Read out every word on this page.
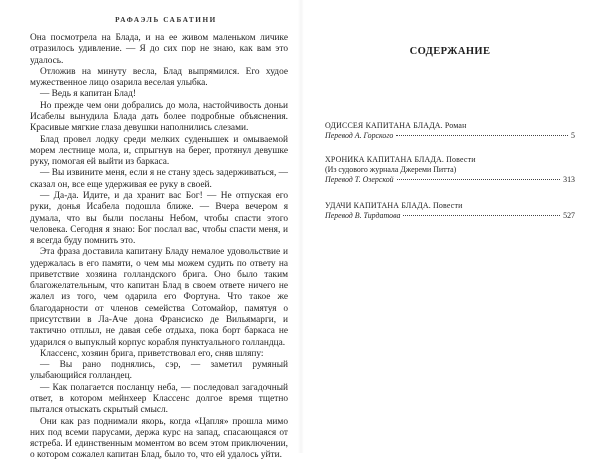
РАФАЭЛЬ САБАТИНИ

Она посмотрела на Блада, и на ее живом маленьком личике отразилось удивление. — Я до сих пор не знаю, как вам это удалось.

Отложив на минуту весла, Блад выпрямился. Его худое мужественное лицо озарила веселая улыбка.

— Ведь я капитан Блад!

Но прежде чем они добрались до мола, настойчивость доньи Исабелы вынудила Блада дать более подробные объяснения. Красивые мягкие глаза девушки наполнились слезами.

Блад провел лодку среди мелких суденышек и омываемой морем лестнице мола, и, спрыгнув на берег, протянул девушке руку, помогая ей выйти из баркаса.

— Вы извините меня, если я не стану здесь задерживаться, — сказал он, все еще удерживая ее руку в своей.

— Да-да. Идите, и да хранит вас Бог! — Не отпуская его руки, донья Исабела подошла ближе. — Вчера вечером я думала, что вы были посланы Небом, чтобы спасти этого человека. Сегодня я знаю: Бог послал вас, чтобы спасти меня, и я всегда буду помнить это.

Эта фраза доставила капитану Бладу немалое удовольствие и удержалась в его памяти, о чем мы можем судить по ответу на приветствие хозяина голландского брига. Оно было таким благожелательным, что капитан Блад в своем ответе ничего не жалел из того, чем одарила его Фортуна. Что такое же благодарности от членов семейства Сотомайор, памятуя о присутствии в Ла-Аче дона Франсиско де Вильямарги, и тактично отплыл, не давая себе отдыха, пока борт баркаса не ударился о выпуклый корпус корабля пунктуального голландца.

Классенс, хозяин брига, приветствовал его, сняв шляпу:

— Вы рано поднялись, сэр, — заметил румяный улыбающийся голландец.

— Как полагается посланцу неба, — последовал загадочный ответ, в котором мейнхеер Классенс долгое время тщетно пытался отыскать скрытый смысл.

Они как раз поднимали якорь, когда «Цапля» прошла мимо них под всеми парусами, держа курс на запад, спасающаяся от ястреба. И единственным моментом во всем этом приключении, о котором сожалел капитан Блад, было то, что ей удалось уйти.

СОДЕРЖАНИЕ
ОДИССЕЯ КАПИТАНА БЛАДА. Роман
Перевод А. Горского	5
ХРОНИКА КАПИТАНА БЛАДА. Повести
(Из судового журнала Джереми Питта)
Перевод Т. Озерской	313
УДАЧИ КАПИТАНА БЛАДА. Повести
Перевод В. Тирдатова	527
